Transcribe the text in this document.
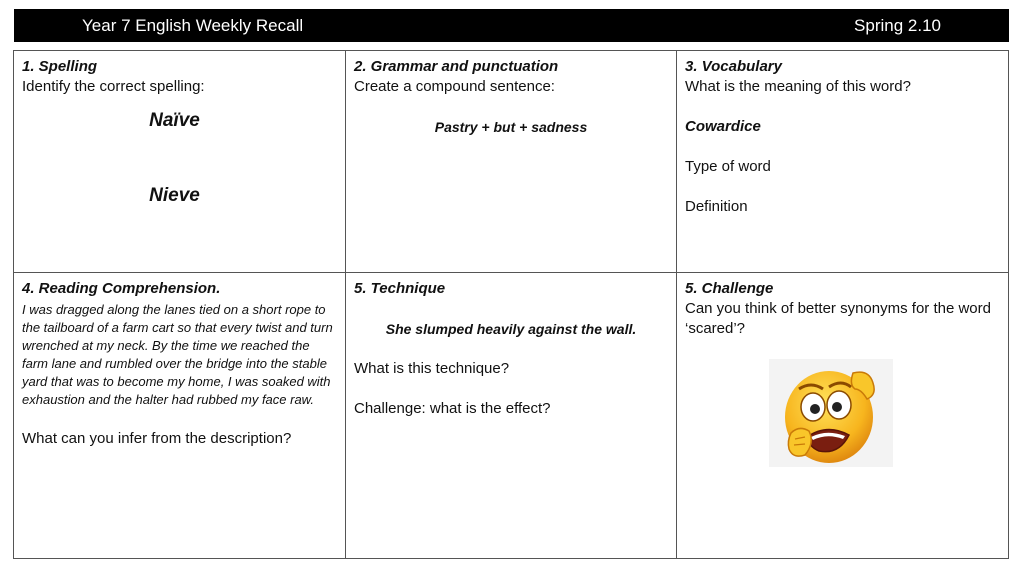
Year 7 English Weekly Recall	Spring 2.10
1. Spelling
Identify the correct spelling:
Naïve
Nieve
2. Grammar and punctuation
Create a compound sentence:
Pastry + but + sadness
3. Vocabulary
What is the meaning of this word?
Cowardice
Type of word
Definition
4. Reading Comprehension.
I was dragged along the lanes tied on a short rope to the tailboard of a farm cart so that every twist and turn wrenched at my neck. By the time we reached the farm lane and rumbled over the bridge into the stable yard that was to become my home, I was soaked with exhaustion and the halter had rubbed my face raw.
What can you infer from the description?
5. Technique
She slumped heavily against the wall.
What is this technique?
Challenge: what is the effect?
5. Challenge
Can you think of better synonyms for the word ‘scared’?
